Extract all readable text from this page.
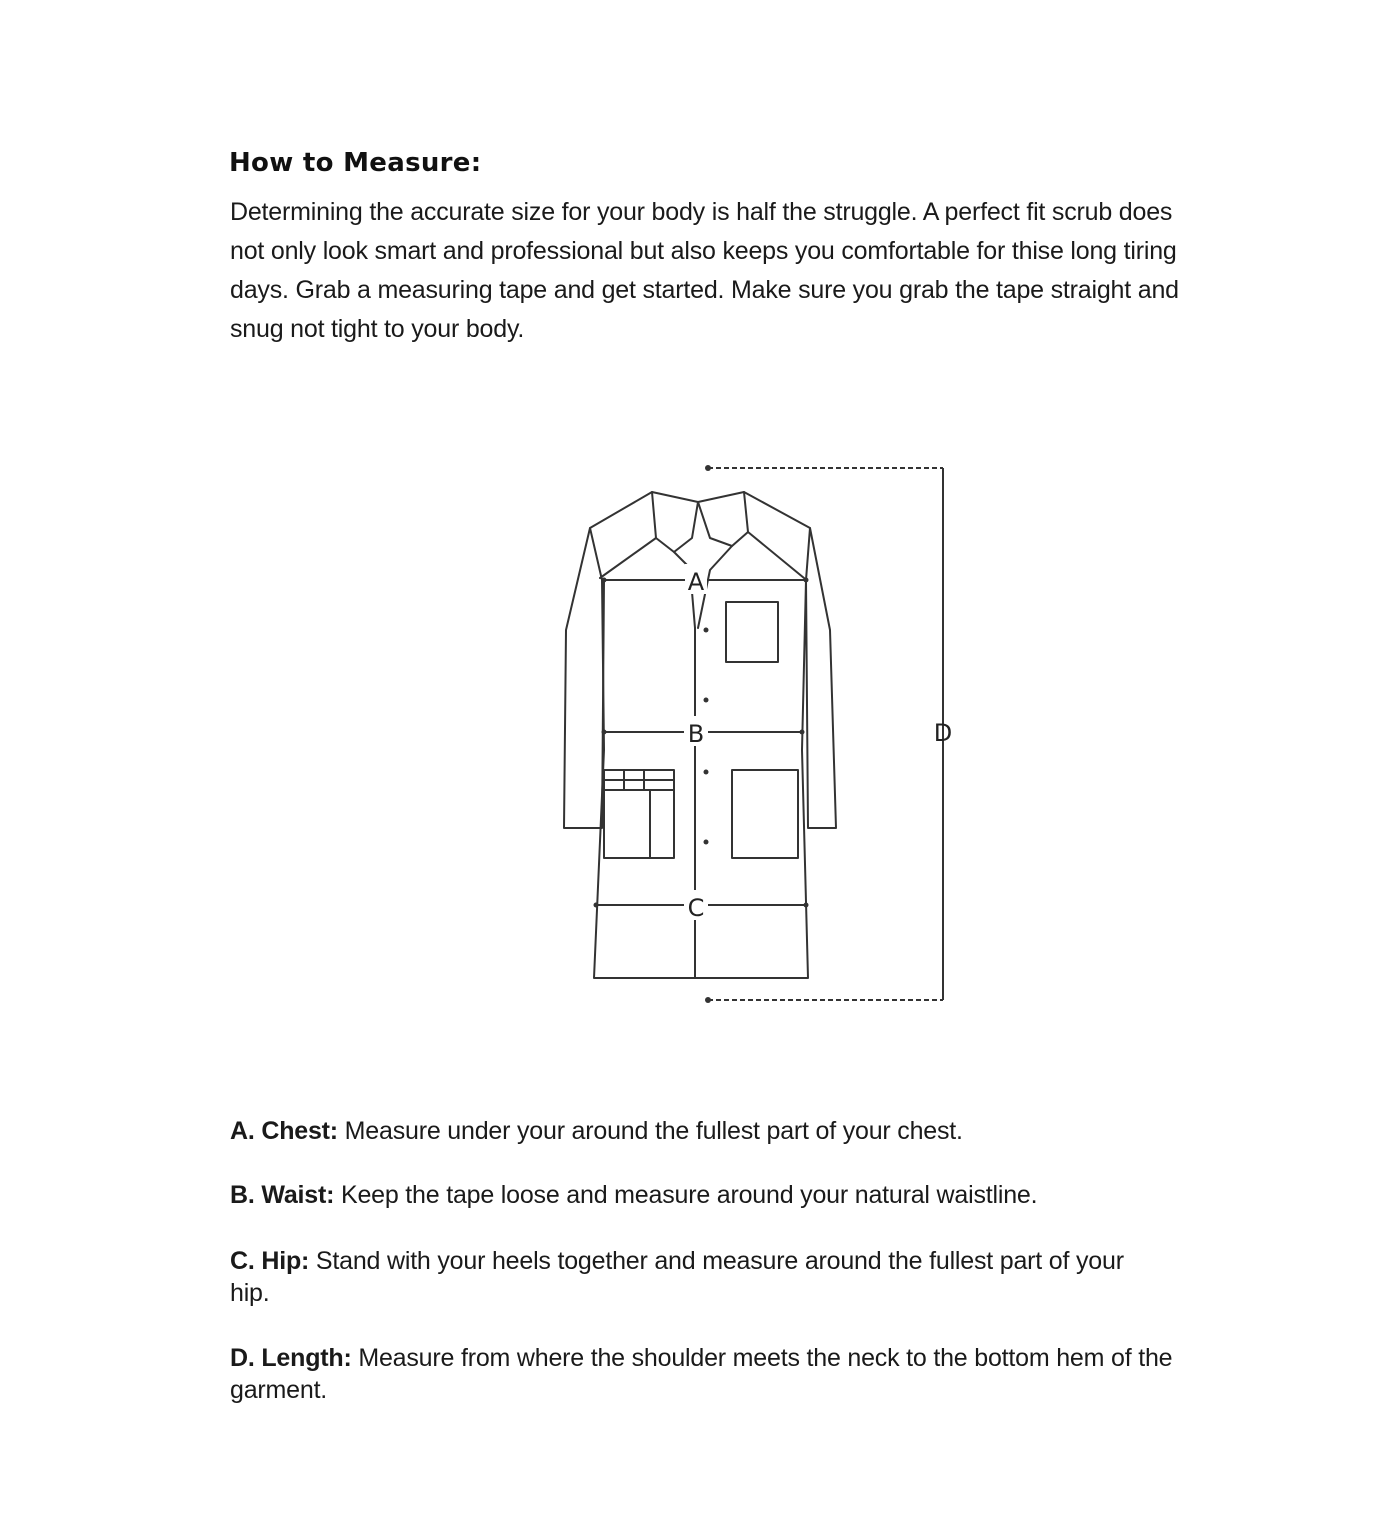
How to Measure:

Determining the accurate size for your body is half the struggle. A perfect fit scrub does not only look smart and professional but also keeps you comfortable for thise long tiring days. Grab a measuring tape and get started. Make sure you grab the tape straight and snug not tight to your body.

A
B
C
D
A. Chest: Measure under your around the fullest part of your chest.
B. Waist: Keep the tape loose and measure around your natural waistline.
C. Hip: Stand with your heels together and measure around the fullest part of your hip.
D. Length: Measure from where the shoulder meets the neck to the bottom hem of the garment.
